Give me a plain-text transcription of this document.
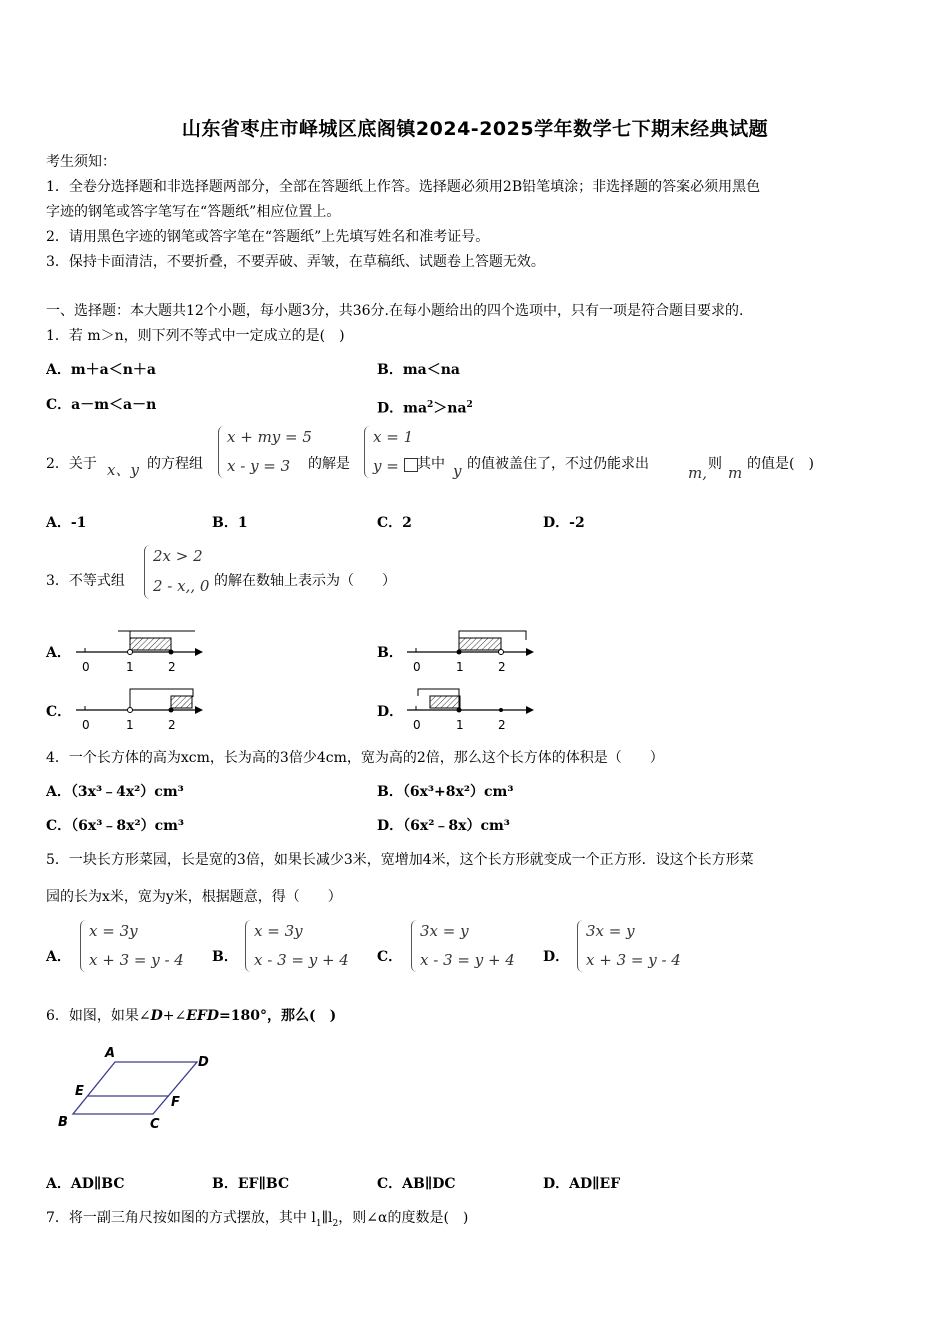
山东省枣庄市峄城区底阁镇2024-2025学年数学七下期末经典试题
考生须知：
1．全卷分选择题和非选择题两部分，全部在答题纸上作答。选择题必须用2B铅笔填涂；非选择题的答案必须用黑色
字迹的钢笔或答字笔写在“答题纸”相应位置上。
2．请用黑色字迹的钢笔或答字笔在“答题纸”上先填写姓名和准考证号。
3．保持卡面清洁，不要折叠，不要弄破、弄皱，在草稿纸、试题卷上答题无效。
一、选择题：本大题共12个小题，每小题3分，共36分.在每小题给出的四个选项中，只有一项是符合题目要求的.
1．若 m＞n，则下列不等式中一定成立的是(　)
A．m＋a＜n＋a	B．ma＜na
C．a－m＜a－n	D．$ma^2>na^2$
2．关于 x、y 的方程组
x + my = 5
x - y = 3 的解是
x = 1
y = 其中 y 的值被盖住了，不过仍能求出	m, 则 m 的值是(　)
A．-1	B．1	C．2	D．-2
3．不等式组
2x > 2
2 - x,, 0 的解在数轴上表示为（　　）
A．	B．
C．	D．
0	1	2	0	1	2
0	1	2	0	1	2
4．一个长方体的高为xcm，长为高的3倍少4cm，宽为高的2倍，那么这个长方体的体积是（　　）
A．（3x³﹣4x²）cm³	B．（6x³+8x²）cm³
C．（6x³﹣8x²）cm³	D．（6x²﹣8x）cm³
5．一块长方形菜园，长是宽的3倍，如果长减少3米，宽增加4米，这个长方形就变成一个正方形．设这个长方形菜
园的长为x米，宽为y米，根据题意，得（　　）
A．
x = 3y
x + 3 = y - 4 B．
x = 3y
x - 3 = y + 4 C．
3x = y
x - 3 = y + 4 D．
3x = y
x + 3 = y - 4
6．如图，如果∠D+∠EFD=180°，那么(　)
A
D
E
F
B	C
A．AD∥BC	B．EF∥BC	C．AB∥DC	D．AD∥EF
7．将一副三角尺按如图的方式摆放，其中 $l_1\parallel l_2$，则∠α的度数是(　)
